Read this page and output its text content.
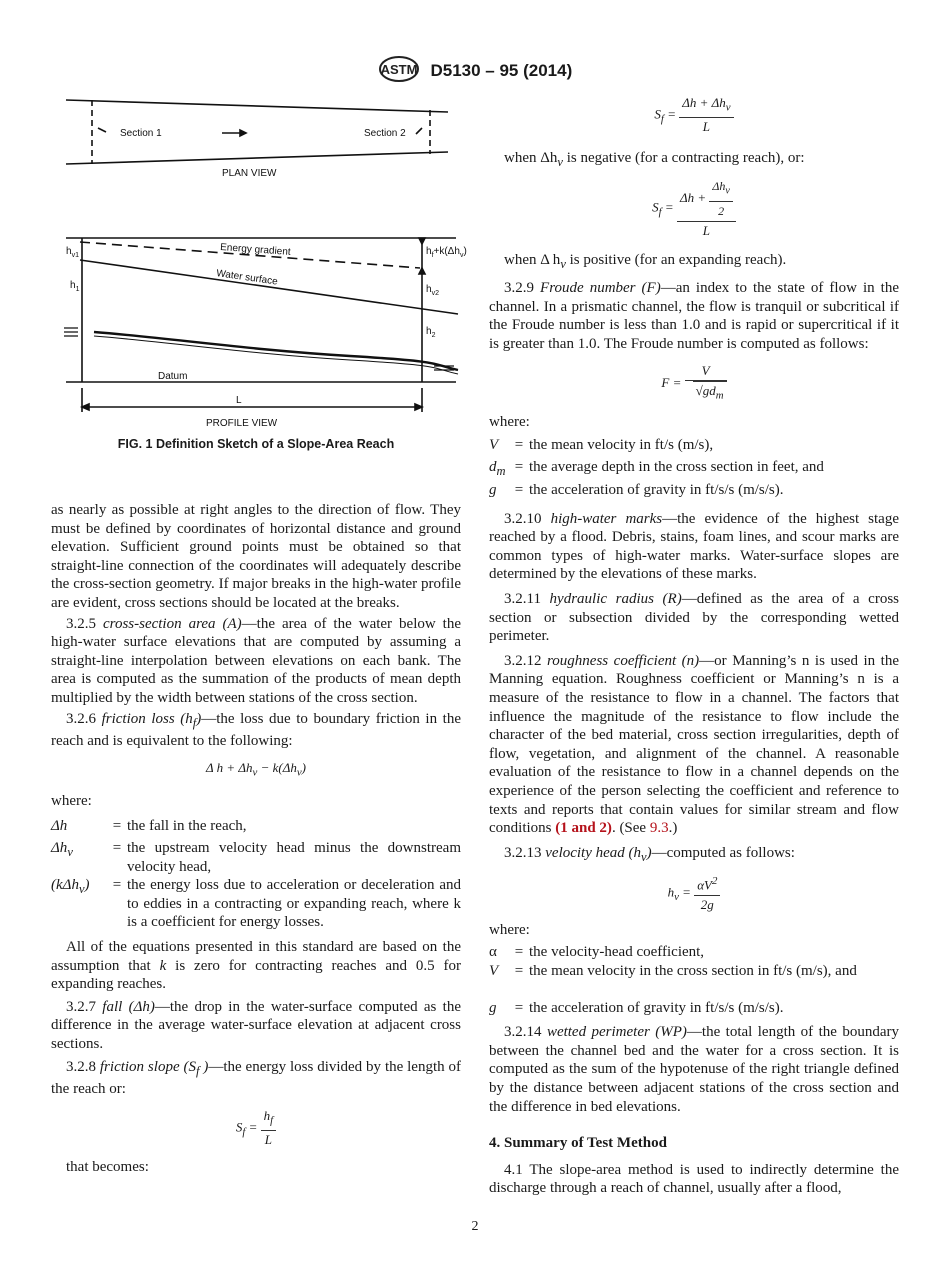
ASTM D5130 – 95 (2014)
Section 1	Section 2
PLAN VIEW
Energy gradient
Water surface
$h_{v1}$
$h_1$
$h_f+k(\Delta h_v)$
$h_{v2}$
$h_2$
Datum
L
PROFILE VIEW
FIG. 1 Definition Sketch of a Slope-Area Reach

as nearly as possible at right angles to the direction of flow. They must be defined by coordinates of horizontal distance and ground elevation. Sufficient ground points must be obtained so that straight-line connection of the coordinates will adequately describe the cross-section geometry. If major breaks in the high-water profile are evident, cross sections should be located at the breaks.

3.2.5 cross-section area (A)—the area of the water below the high-water surface elevations that are computed by assuming a straight-line interpolation between elevations on each bank. The area is computed as the summation of the products of mean depth multiplied by the width between stations of the cross section.

3.2.6 friction loss $(h_f)—the$ loss due to boundary friction in the reach and is equivalent to the following:

Δ $h + \Delta h_v - k(\Delta h_v)$

where:

Δh	= the fall in the reach,
$\Delta h_v$	= the upstream velocity head minus the downstream velocity head,
(kΔh$_v$)	= the energy loss due to acceleration or deceleration and to eddies in a contracting or expanding reach, where k is a coefficient for energy losses.

All of the equations presented in this standard are based on the assumption that k is zero for contracting reaches and 0.5 for expanding reaches.

3.2.7 fall (Δh)—the drop in the water-surface computed as the difference in the average water-surface elevation at adjacent cross sections.

3.2.8 friction slope ($S_f$ )—the energy loss divided by the length of the reach or:

$S_f = \frac{h_f}{L}$

that becomes:

$S_f = \frac{\Delta h + \Delta h_v}{L}$

when $\Delta h_v$ is negative (for a contracting reach), or:

$S_f = \frac{\Delta h + \frac{\Delta h_v}{2}}{L}$

when Δ $h_v$ is positive (for an expanding reach).

3.2.9 Froude number (F)—an index to the state of flow in the channel. In a prismatic channel, the flow is tranquil or subcritical if the Froude number is less than 1.0 and is rapid or supercritical if it is greater than 1.0. The Froude number is computed as follows:

$F = \frac{V}{√gd_m}$

where:

V	= the mean velocity in ft/s (m/s),
$d_m$ = the average depth in the cross section in feet, and
g	= the acceleration of gravity in ft/s/s (m/s/s).

3.2.10 high-water marks—the evidence of the highest stage reached by a flood. Debris, stains, foam lines, and scour marks are common types of high-water marks. Water-surface slopes are determined by the elevations of these marks.

3.2.11 hydraulic radius (R)—defined as the area of a cross section or subsection divided by the corresponding wetted perimeter.

3.2.12 roughness coefficient (n)—or Manning’s n is used in the Manning equation. Roughness coefficient or Manning’s n is a measure of the resistance to flow in a channel. The factors that influence the magnitude of the resistance to flow include the character of the bed material, cross section irregularities, depth of flow, vegetation, and alignment of the channel. A reasonable evaluation of the resistance to flow in a channel depends on the experience of the person selecting the coefficient and reference to texts and reports that contain values for similar stream and flow conditions (1 and 2). (See 9.3.)

3.2.13 velocity head $(h_v)—computed$ as follows:

$h_v = \frac{\alpha V^2}{2g}$

where:

α	= the velocity-head coefficient,
V	= the mean velocity in the cross section in ft/s (m/s), and
g	= the acceleration of gravity in ft/s/s (m/s/s).

3.2.14 wetted perimeter (WP)—the total length of the boundary between the channel bed and the water for a cross section. It is computed as the sum of the hypotenuse of the right triangle defined by the distance between adjacent stations of the cross section and the difference in bed elevations.

4. Summary of Test Method

4.1 The slope-area method is used to indirectly determine the discharge through a reach of channel, usually after a flood,

2
